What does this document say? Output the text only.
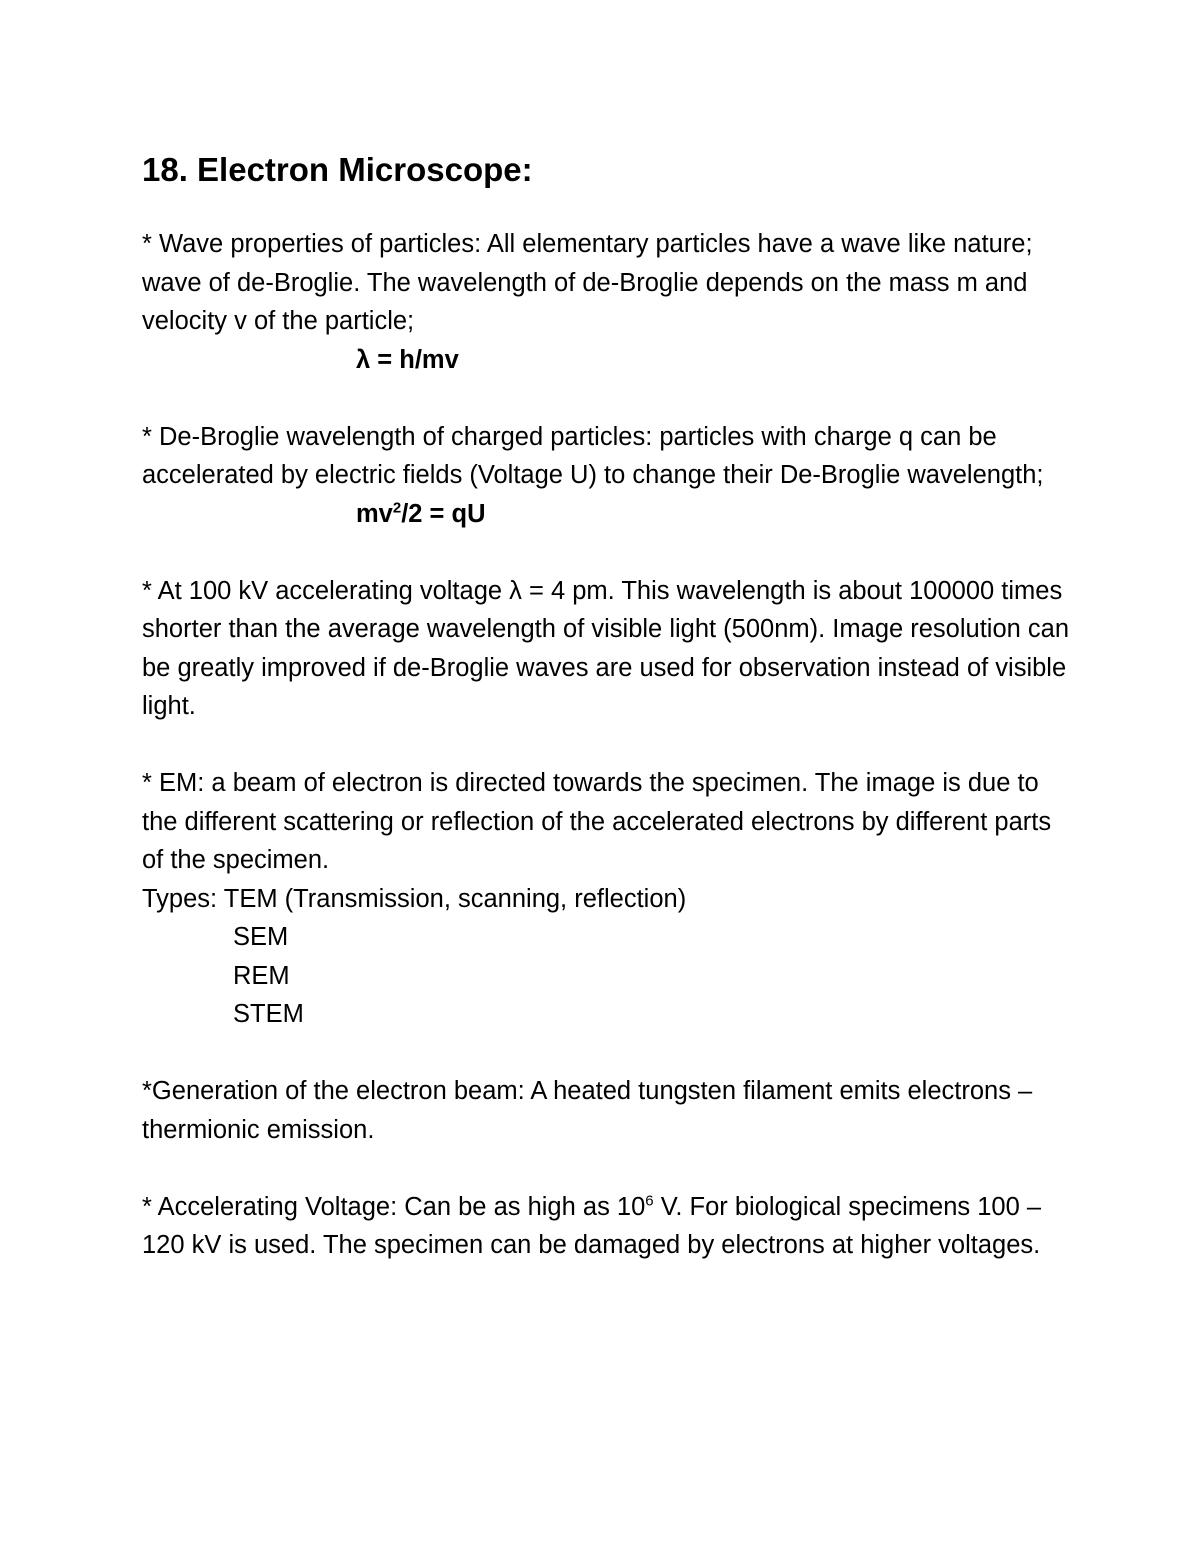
18. Electron Microscope:

* Wave properties of particles: All elementary particles have a wave like nature; wave of de-Broglie. The wavelength of de-Broglie depends on the mass m and velocity v of the particle;

λ = h/mv

* De-Broglie wavelength of charged particles: particles with charge q can be accelerated by electric fields (Voltage U) to change their De-Broglie wavelength;

$mv^2/2$ = qU

* At 100 kV accelerating voltage λ = 4 pm. This wavelength is about 100000 times shorter than the average wavelength of visible light (500nm). Image resolution can be greatly improved if de-Broglie waves are used for observation instead of visible light.

* EM: a beam of electron is directed towards the specimen. The image is due to the different scattering or reflection of the accelerated electrons by different parts of the specimen.

Types: TEM (Transmission, scanning, reflection)

SEM

REM

STEM

*Generation of the electron beam: A heated tungsten filament emits electrons – thermionic emission.

* Accelerating Voltage: Can be as high as $10^6$ V. For biological specimens 100 – 120 kV is used. The specimen can be damaged by electrons at higher voltages.
